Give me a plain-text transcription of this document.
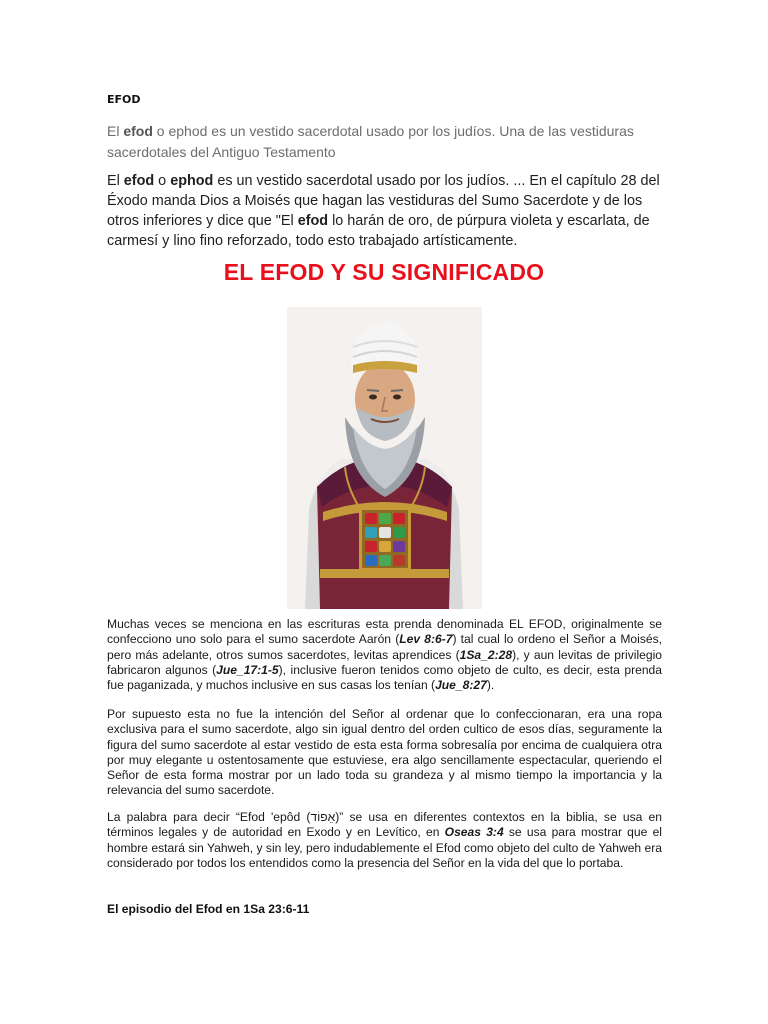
EFOD
El efod o ephod es un vestido sacerdotal usado por los judíos. Una de las vestiduras sacerdotales del Antiguo Testamento
El efod o ephod es un vestido sacerdotal usado por los judíos. ... En el capítulo 28 del Éxodo manda Dios a Moisés que hagan las vestiduras del Sumo Sacerdote y de los otros inferiores y dice que "El efod lo harán de oro, de púrpura violeta y escarlata, de carmesí y lino fino reforzado, todo esto trabajado artísticamente.
EL EFOD Y SU SIGNIFICADO
Muchas veces se menciona en las escrituras esta prenda denominada EL EFOD, originalmente se confecciono uno solo para el sumo sacerdote Aarón (Lev 8:6-7) tal cual lo ordeno el Señor a Moisés, pero más adelante, otros sumos sacerdotes, levitas aprendices (1Sa_2:28), y aun levitas de privilegio fabricaron algunos (Jue_17:1-5), inclusive fueron tenidos como objeto de culto, es decir, esta prenda fue paganizada, y muchos inclusive en sus casas los tenían (Jue_8:27).
Por supuesto esta no fue la intención del Señor al ordenar que lo confeccionaran, era una ropa exclusiva para el sumo sacerdote, algo sin igual dentro del orden cultico de esos días, seguramente la figura del sumo sacerdote al estar vestido de esta esta forma sobresalía por encima de cualquiera otra por muy elegante u ostentosamente que estuviese, era algo sencillamente espectacular, queriendo el Señor de esta forma mostrar por un lado toda su grandeza y al mismo tiempo la importancia y la relevancia del sumo sacerdote.
La palabra para decir “Efod 'epôd (אֵפוֹד)” se usa en diferentes contextos en la biblia, se usa en términos legales y de autoridad en Exodo y en Levítico, en Oseas 3:4 se usa para mostrar que el hombre estará sin Yahweh, y sin ley, pero indudablemente el Efod como objeto del culto de Yahweh era considerado por todos los entendidos como la presencia del Señor en la vida del que lo portaba.
El episodio del Efod en 1Sa 23:6-11
